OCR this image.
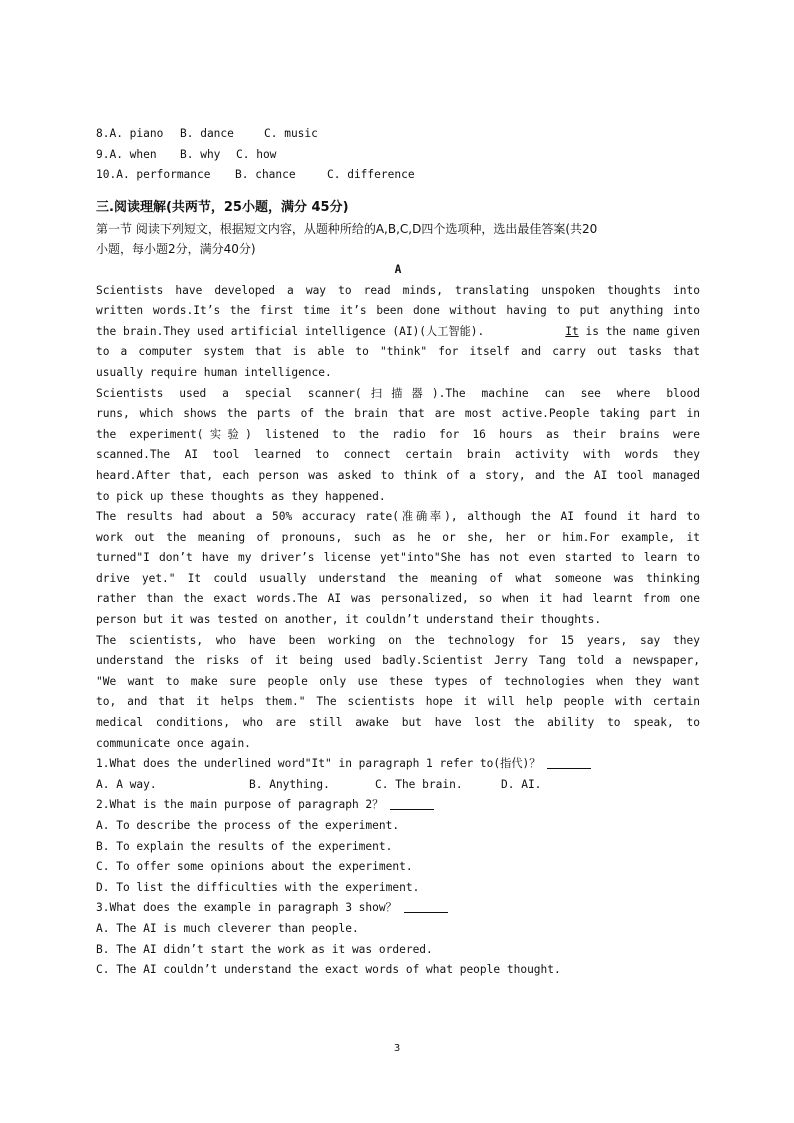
8.A. piano	B. dance	C. music
9.A. when	B. why	C. how
10.A. performance	B. chance	C. difference
三.阅读理解(共两节，25小题，满分 45分)
第一节 阅读下列短文，根据短文内容，从题种所给的A,B,C,D四个选项种，选出最佳答案(共20
小题，每小题2分，满分40分)
A
Scientists have developed a way to read minds, translating unspoken thoughts into
written words.It’s the first time it’s been done without having to put anything into
the brain.They used artificial intelligence (AI)(人工智能).	It is the name given
to a computer system that is able to "think" for itself and carry out tasks that
usually require human intelligence.
Scientists used a special scanner(扫描器).The machine can see where blood
runs, which shows the parts of the brain that are most active.People taking part in
the experiment(实验) listened to the radio for 16 hours as their brains were
scanned.The AI tool learned to connect certain brain activity with words they
heard.After that, each person was asked to think of a story, and the AI tool managed
to pick up these thoughts as they happened.
The results had about a 50% accuracy rate(准确率), although the AI found it hard to
work out the meaning of pronouns, such as he or she, her or him.For example, it
turned"I don’t have my driver’s license yet"into"She has not even started to learn to
drive yet." It could usually understand the meaning of what someone was thinking
rather than the exact words.The AI was personalized, so when it had learnt from one
person but it was tested on another, it couldn’t understand their thoughts.
The scientists, who have been working on the technology for 15 years, say they
understand the risks of it being used badly.Scientist Jerry Tang told a newspaper,
"We want to make sure people only use these types of technologies when they want
to, and that it helps them." The scientists hope it will help people with certain
medical conditions, who are still awake but have lost the ability to speak, to
communicate once again.
1.What does the underlined word"It" in paragraph 1 refer to(指代)？
A. A way.	B. Anything.	C. The brain.	D. AI.
2.What is the main purpose of paragraph 2？
A. To describe the process of the experiment.
B. To explain the results of the experiment.
C. To offer some opinions about the experiment.
D. To list the difficulties with the experiment.
3.What does the example in paragraph 3 show？
A. The AI is much cleverer than people.
B. The AI didn’t start the work as it was ordered.
C. The AI couldn’t understand the exact words of what people thought.
3
